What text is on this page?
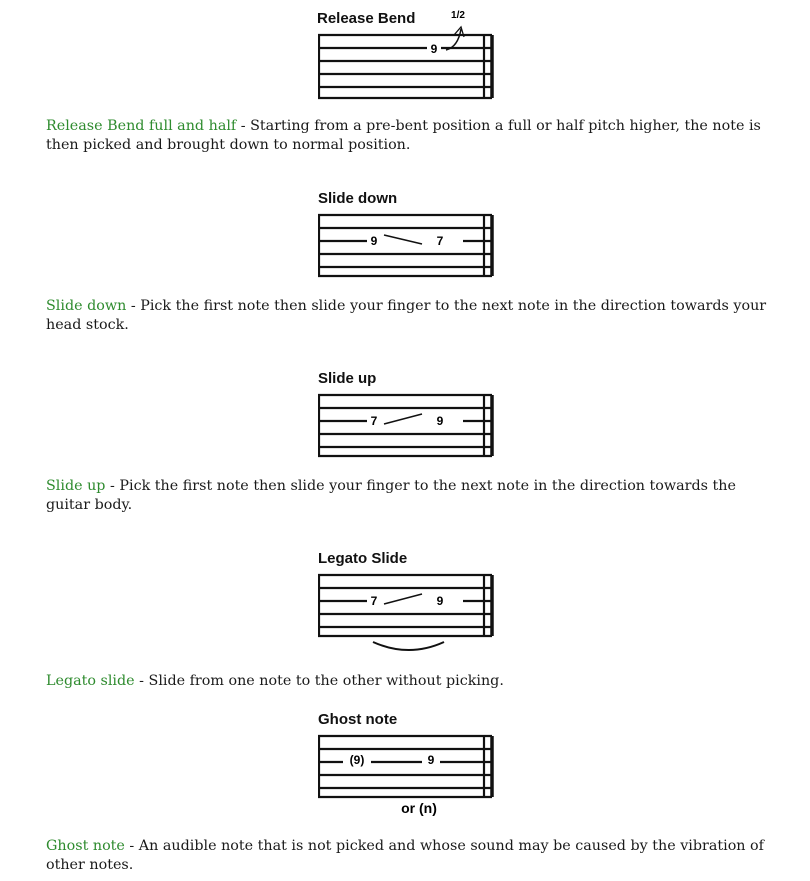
Release Bend
9
1/2
Release Bend full and half - Starting from a pre-bent position a full or half pitch higher, the note is then picked and brought down to normal position.
Slide down
9	7
Slide down - Pick the first note then slide your finger to the next note in the direction towards your head stock.
Slide up
7	9
Slide up - Pick the first note then slide your finger to the next note in the direction towards the guitar body.
Legato Slide
7	9
Legato slide - Slide from one note to the other without picking.
Ghost note
(9)	9
or (n)
Ghost note - An audible note that is not picked and whose sound may be caused by the vibration of other notes.
